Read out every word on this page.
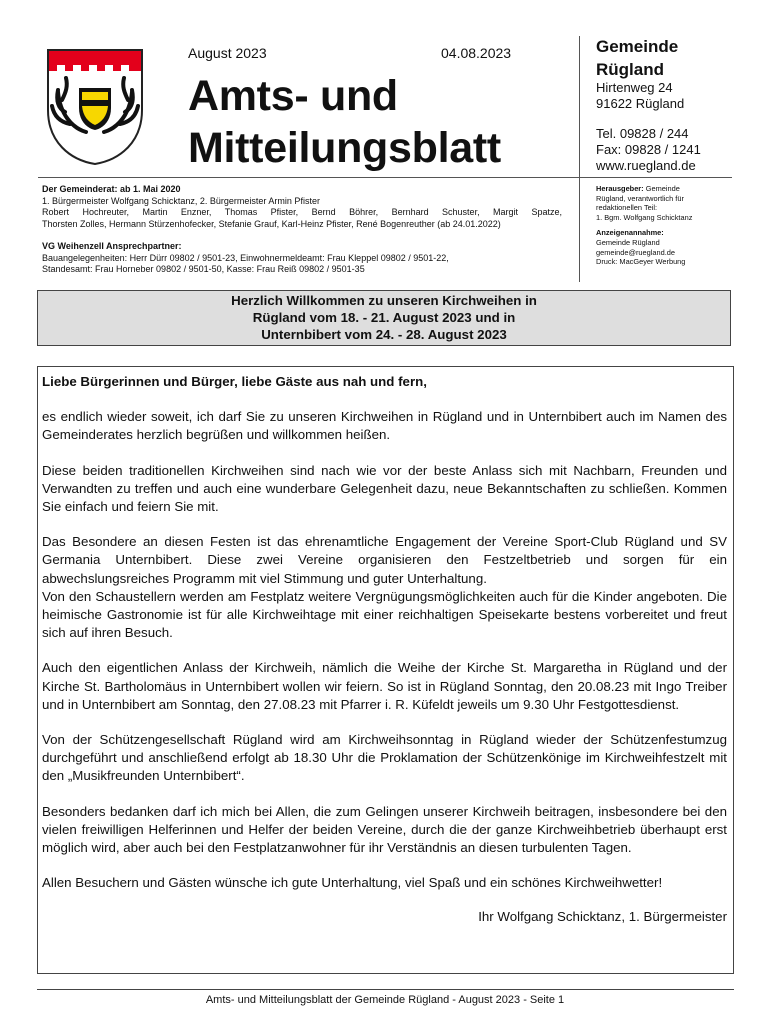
August 2023	04.08.2023
Amts- und
Mitteilungsblatt
Gemeinde
Rügland
Hirtenweg 24
91622 Rügland
Tel. 09828 / 244
Fax: 09828 / 1241
www.ruegland.de
Der Gemeinderat: ab 1. Mai 2020
1. Bürgermeister Wolfgang Schicktanz, 2. Bürgermeister Armin Pfister
Robert Hochreuter, Martin Enzner, Thomas Pfister, Bernd Böhrer, Bernhard Schuster, Margit Spatze,
Thorsten Zolles, Hermann Stürzenhofecker, Stefanie Grauf, Karl-Heinz Pfister, René Bogenreuther (ab 24.01.2022)
VG Weihenzell Ansprechpartner:
Bauangelegenheiten: Herr Dürr 09802 / 9501-23, Einwohnermeldeamt: Frau Kleppel 09802 / 9501-22,
Standesamt: Frau Horneber 09802 / 9501-50, Kasse: Frau Reiß 09802 / 9501-35
Herausgeber: Gemeinde
Rügland, verantwortlich für
redaktionellen Teil:
1. Bgm. Wolfgang Schicktanz
Anzeigenannahme:
Gemeinde Rügland
gemeinde@ruegland.de
Druck: MacGeyer Werbung
Herzlich Willkommen zu unseren Kirchweihen in
Rügland vom 18. - 21. August 2023 und in
Unternbibert vom 24. - 28. August 2023

Liebe Bürgerinnen und Bürger, liebe Gäste aus nah und fern,

es endlich wieder soweit, ich darf Sie zu unseren Kirchweihen in Rügland und in Unternbibert auch im Namen des Gemeinderates herzlich begrüßen und willkommen heißen.

Diese beiden traditionellen Kirchweihen sind nach wie vor der beste Anlass sich mit Nachbarn, Freunden und Verwandten zu treffen und auch eine wunderbare Gelegenheit dazu, neue Bekanntschaften zu schließen. Kommen Sie einfach und feiern Sie mit.

Das Besondere an diesen Festen ist das ehrenamtliche Engagement der Vereine Sport-Club Rügland und SV Germania Unternbibert. Diese zwei Vereine organisieren den Festzeltbetrieb und sorgen für ein abwechslungsreiches Programm mit viel Stimmung und guter Unterhaltung.

Von den Schaustellern werden am Festplatz weitere Vergnügungsmöglichkeiten auch für die Kinder angeboten. Die heimische Gastronomie ist für alle Kirchweihtage mit einer reichhaltigen Speisekarte bestens vorbereitet und freut sich auf ihren Besuch.

Auch den eigentlichen Anlass der Kirchweih, nämlich die Weihe der Kirche St. Margaretha in Rügland und der Kirche St. Bartholomäus in Unternbibert wollen wir feiern. So ist in Rügland Sonntag, den 20.08.23 mit Ingo Treiber und in Unternbibert am Sonntag, den 27.08.23 mit Pfarrer i. R. Küfeldt jeweils um 9.30 Uhr Festgottesdienst.

Von der Schützengesellschaft Rügland wird am Kirchweihsonntag in Rügland wieder der Schützenfestumzug durchgeführt und anschließend erfolgt ab 18.30 Uhr die Proklamation der Schützenkönige im Kirchweihfestzelt mit den „Musikfreunden Unternbibert“.

Besonders bedanken darf ich mich bei Allen, die zum Gelingen unserer Kirchweih beitragen, insbesondere bei den vielen freiwilligen Helferinnen und Helfer der beiden Vereine, durch die der ganze Kirchweihbetrieb überhaupt erst möglich wird, aber auch bei den Festplatzanwohner für ihr Verständnis an diesen turbulenten Tagen.

Allen Besuchern und Gästen wünsche ich gute Unterhaltung, viel Spaß und ein schönes Kirchweihwetter!

Ihr Wolfgang Schicktanz, 1. Bürgermeister

Amts- und Mitteilungsblatt der Gemeinde Rügland - August 2023 - Seite 1
